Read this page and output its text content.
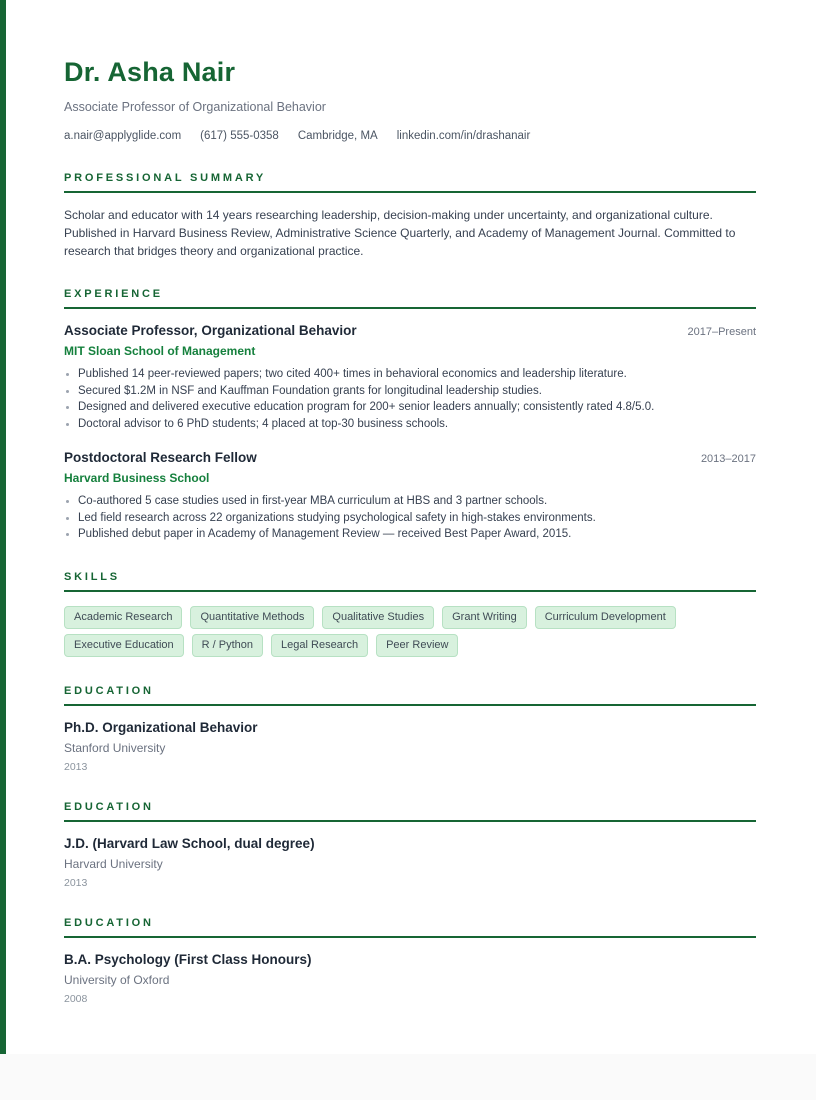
Dr. Asha Nair
Associate Professor of Organizational Behavior
a.nair@applyglide.com (617) 555-0358 Cambridge, MA linkedin.com/in/drashanair
PROFESSIONAL SUMMARY

Scholar and educator with 14 years researching leadership, decision-making under uncertainty, and organizational culture. Published in Harvard Business Review, Administrative Science Quarterly, and Academy of Management Journal. Committed to research that bridges theory and organizational practice.

EXPERIENCE
Associate Professor, Organizational Behavior	2017–Present
MIT Sloan School of Management
Published 14 peer-reviewed papers; two cited 400+ times in behavioral economics and leadership literature.
Secured $1.2M in NSF and Kauffman Foundation grants for longitudinal leadership studies.
Designed and delivered executive education program for 200+ senior leaders annually; consistently rated 4.8/5.0.
Doctoral advisor to 6 PhD students; 4 placed at top-30 business schools.
Postdoctoral Research Fellow	2013–2017
Harvard Business School
Co-authored 5 case studies used in first-year MBA curriculum at HBS and 3 partner schools.
Led field research across 22 organizations studying psychological safety in high-stakes environments.
Published debut paper in Academy of Management Review — received Best Paper Award, 2015.
SKILLS
Academic Research	Quantitative Methods	Qualitative Studies	Grant Writing	Curriculum Development
Executive Education	R / Python	Legal Research	Peer Review
EDUCATION
Ph.D. Organizational Behavior
Stanford University
2013
EDUCATION
J.D. (Harvard Law School, dual degree)
Harvard University
2013
EDUCATION
B.A. Psychology (First Class Honours)
University of Oxford
2008
